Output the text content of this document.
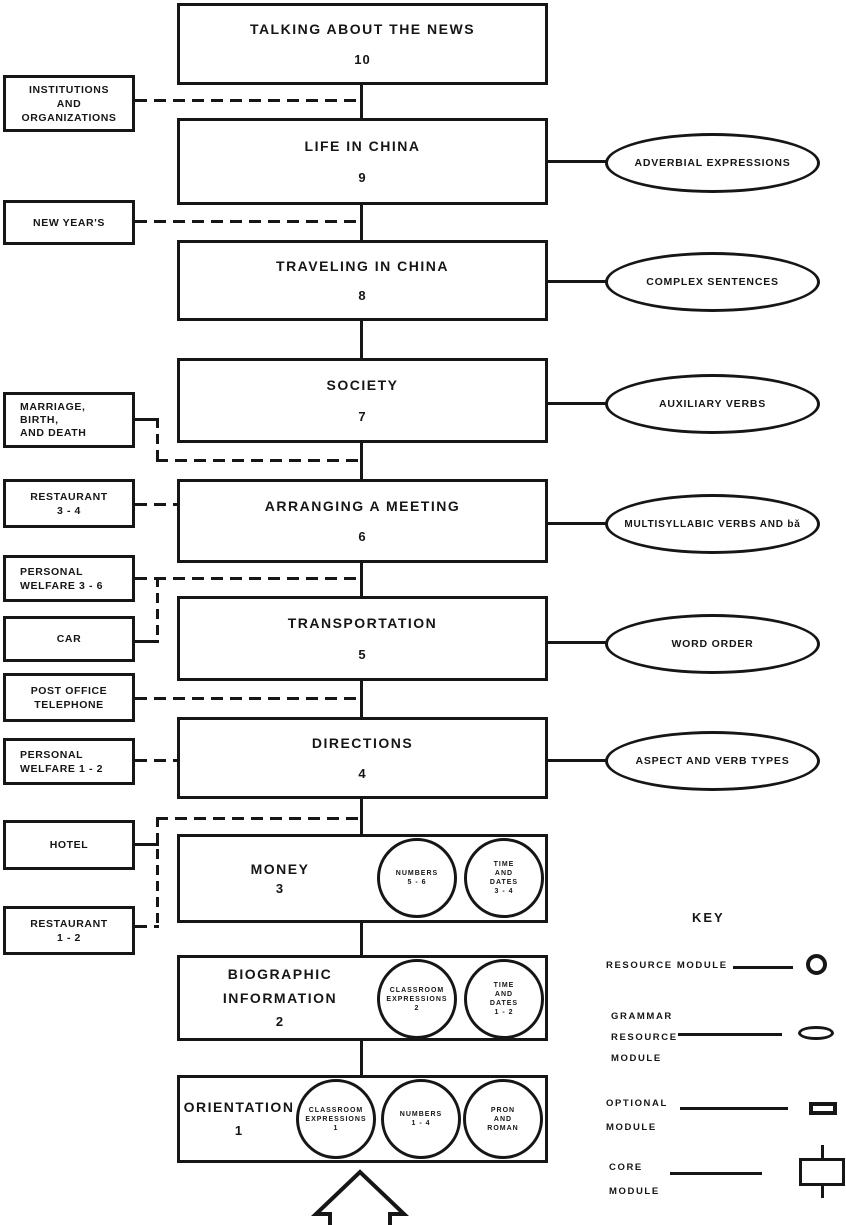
TALKING ABOUT THE NEWS
10
LIFE IN CHINA
9
TRAVELING IN CHINA
8
SOCIETY
7
ARRANGING A MEETING
6
TRANSPORTATION
5
DIRECTIONS
4
MONEY
3
NUMBERS
5 - 6
TIME
AND
DATES
3 - 4
BIOGRAPHIC
INFORMATION
2
CLASSROOM
EXPRESSIONS
2
TIME
AND
DATES
1 - 2
ORIENTATION
1
CLASSROOM
EXPRESSIONS
1
NUMBERS
1 - 4
PRON
AND
ROMAN
INSTITUTIONS
AND
ORGANIZATIONS
NEW YEAR'S
MARRIAGE,
BIRTH,
AND DEATH
RESTAURANT
3 - 4
PERSONAL
WELFARE 3 - 6
CAR
POST OFFICE
TELEPHONE
PERSONAL
WELFARE 1 - 2
HOTEL
RESTAURANT
1 - 2
ADVERBIAL EXPRESSIONS
COMPLEX SENTENCES
AUXILIARY VERBS
MULTISYLLABIC VERBS AND bǎ
WORD ORDER
ASPECT AND VERB TYPES
KEY
RESOURCE MODULE
GRAMMAR
RESOURCE
MODULE
OPTIONAL
MODULE
CORE
MODULE
